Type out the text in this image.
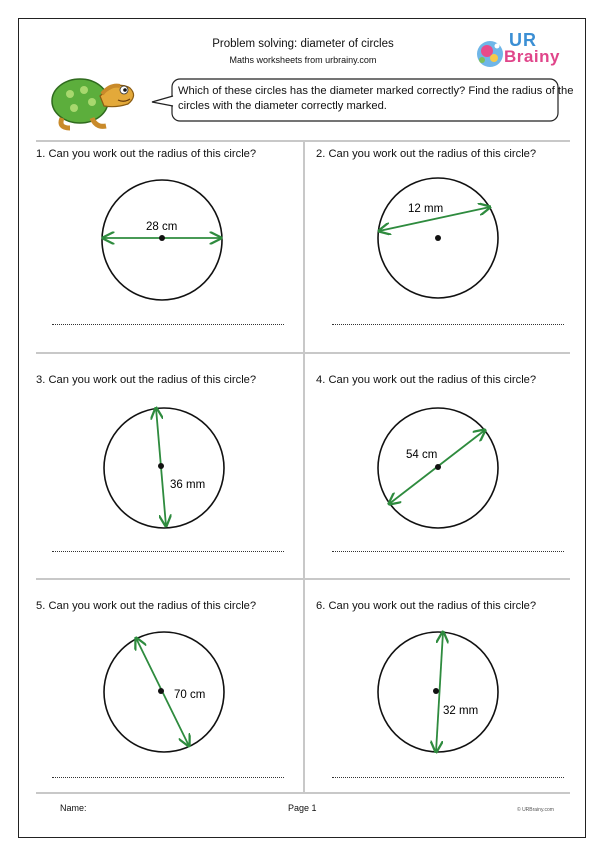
Problem solving: diameter of circles
Maths worksheets from urbrainy.com
UR
Brainy
Which of these circles has the diameter marked correctly? Find the radius of the circles with the diameter correctly marked.
1. Can you work out the radius of this circle?	2. Can you work out the radius of this circle?
3. Can you work out the radius of this circle?	4. Can you work out the radius of this circle?
5. Can you work out the radius of this circle?	6. Can you work out the radius of this circle?
28 cm
12 mm
36 mm
54 cm
70 cm
32 mm
Name:	Page 1	© URBrainy.com
